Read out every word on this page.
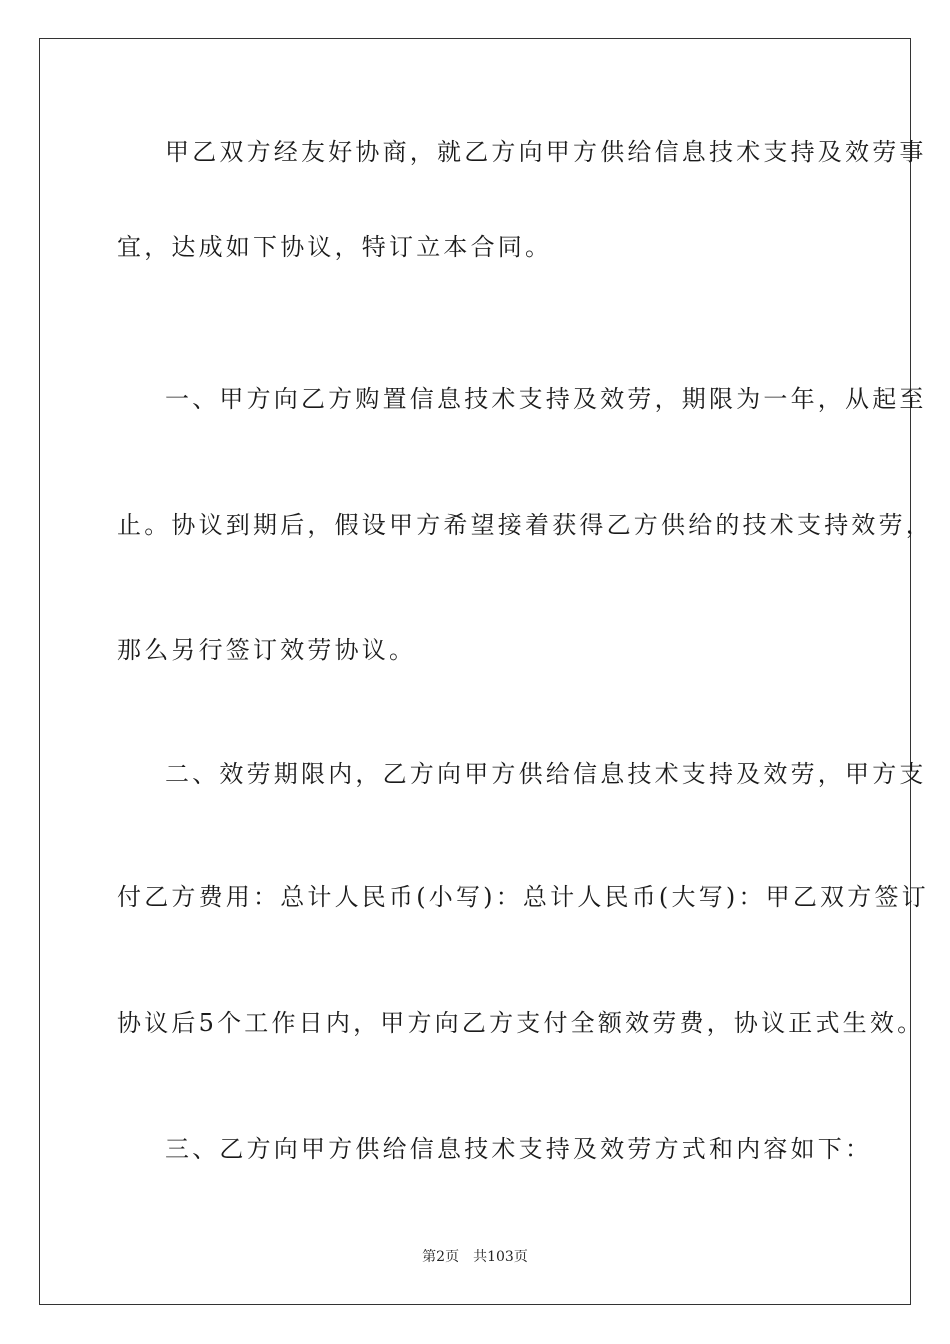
甲乙双方经友好协商，就乙方向甲方供给信息技术支持及效劳事
宜，达成如下协议，特订立本合同。
一、甲方向乙方购置信息技术支持及效劳，期限为一年，从起至
止。协议到期后，假设甲方希望接着获得乙方供给的技术支持效劳，
那么另行签订效劳协议。
二、效劳期限内，乙方向甲方供给信息技术支持及效劳，甲方支
付乙方费用：总计人民币(小写)：总计人民币(大写)：甲乙双方签订
协议后5个工作日内，甲方向乙方支付全额效劳费，协议正式生效。
三、乙方向甲方供给信息技术支持及效劳方式和内容如下：
第2页 共103页
